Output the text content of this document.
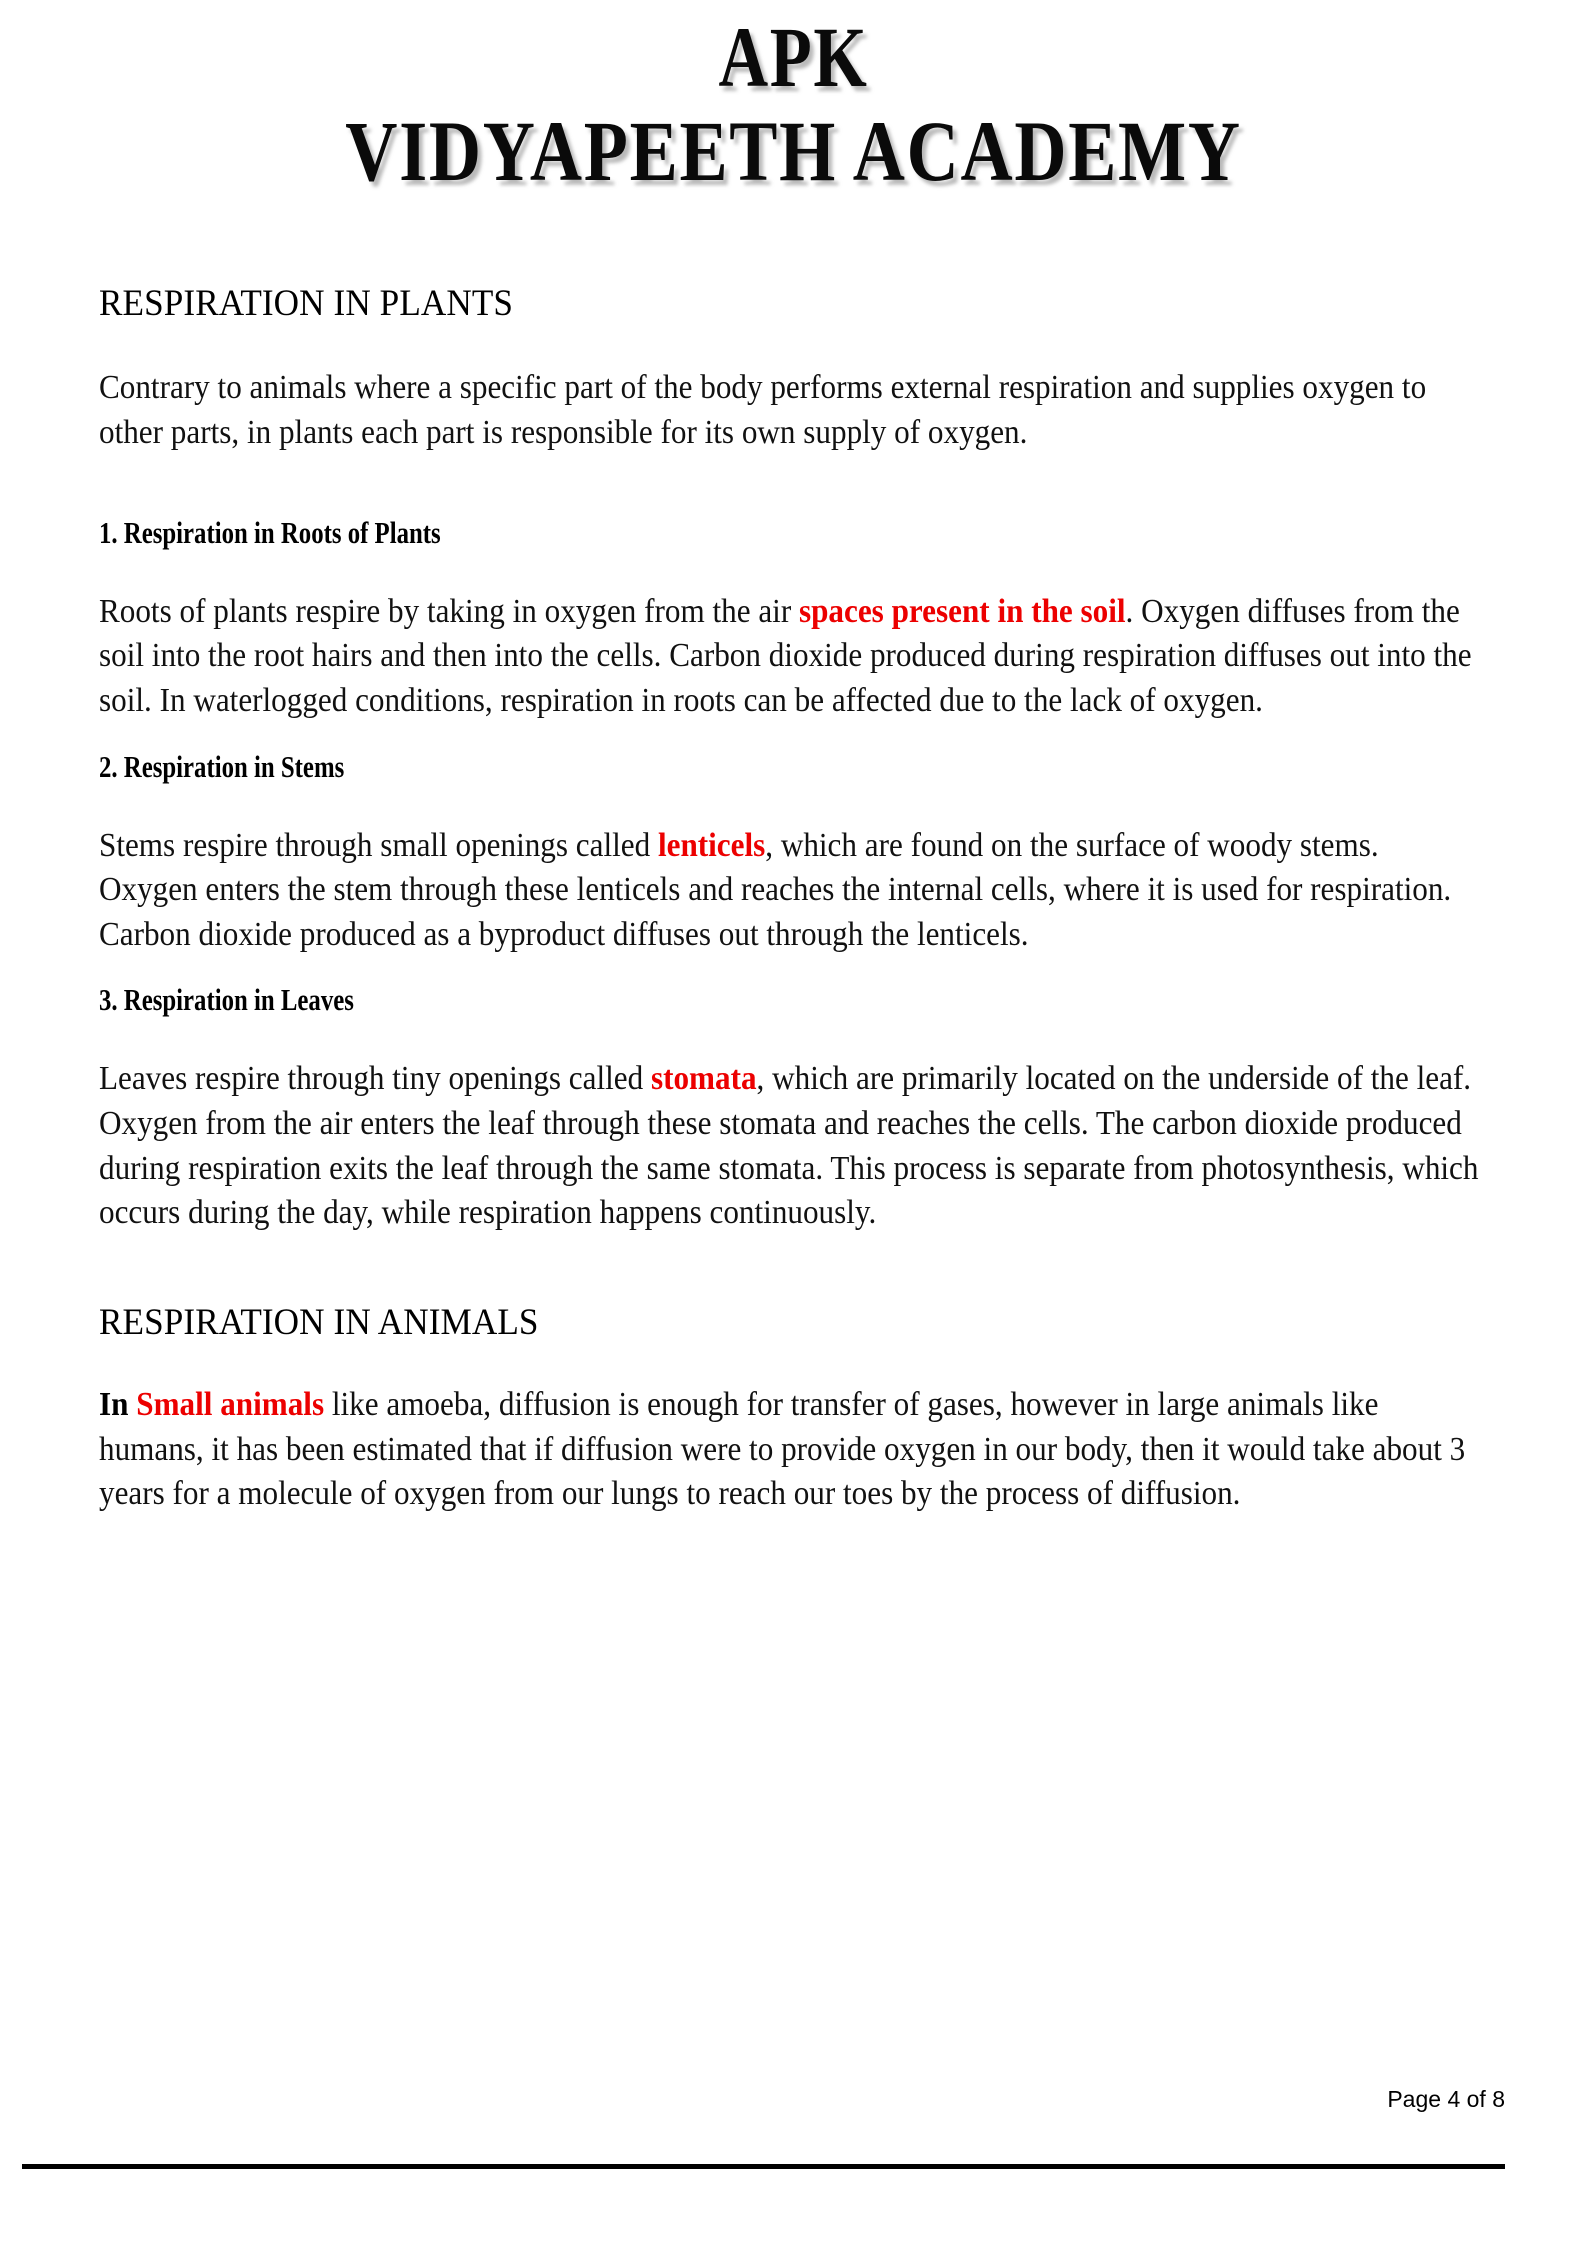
APK
VIDYAPEETH ACADEMY
RESPIRATION IN PLANTS

Contrary to animals where a specific part of the body performs external respiration and supplies oxygen to other parts, in plants each part is responsible for its own supply of oxygen.

1. Respiration in Roots of Plants

Roots of plants respire by taking in oxygen from the air spaces present in the soil. Oxygen diffuses from the soil into the root hairs and then into the cells. Carbon dioxide produced during respiration diffuses out into the soil. In waterlogged conditions, respiration in roots can be affected due to the lack of oxygen.

2. Respiration in Stems

Stems respire through small openings called lenticels, which are found on the surface of woody stems. Oxygen enters the stem through these lenticels and reaches the internal cells, where it is used for respiration. Carbon dioxide produced as a byproduct diffuses out through the lenticels.

3. Respiration in Leaves

Leaves respire through tiny openings called stomata, which are primarily located on the underside of the leaf. Oxygen from the air enters the leaf through these stomata and reaches the cells. The carbon dioxide produced during respiration exits the leaf through the same stomata. This process is separate from photosynthesis, which occurs during the day, while respiration happens continuously.

RESPIRATION IN ANIMALS

In Small animals like amoeba, diffusion is enough for transfer of gases, however in large animals like humans, it has been estimated that if diffusion were to provide oxygen in our body, then it would take about 3 years for a molecule of oxygen from our lungs to reach our toes by the process of diffusion.

Page 4 of 8
